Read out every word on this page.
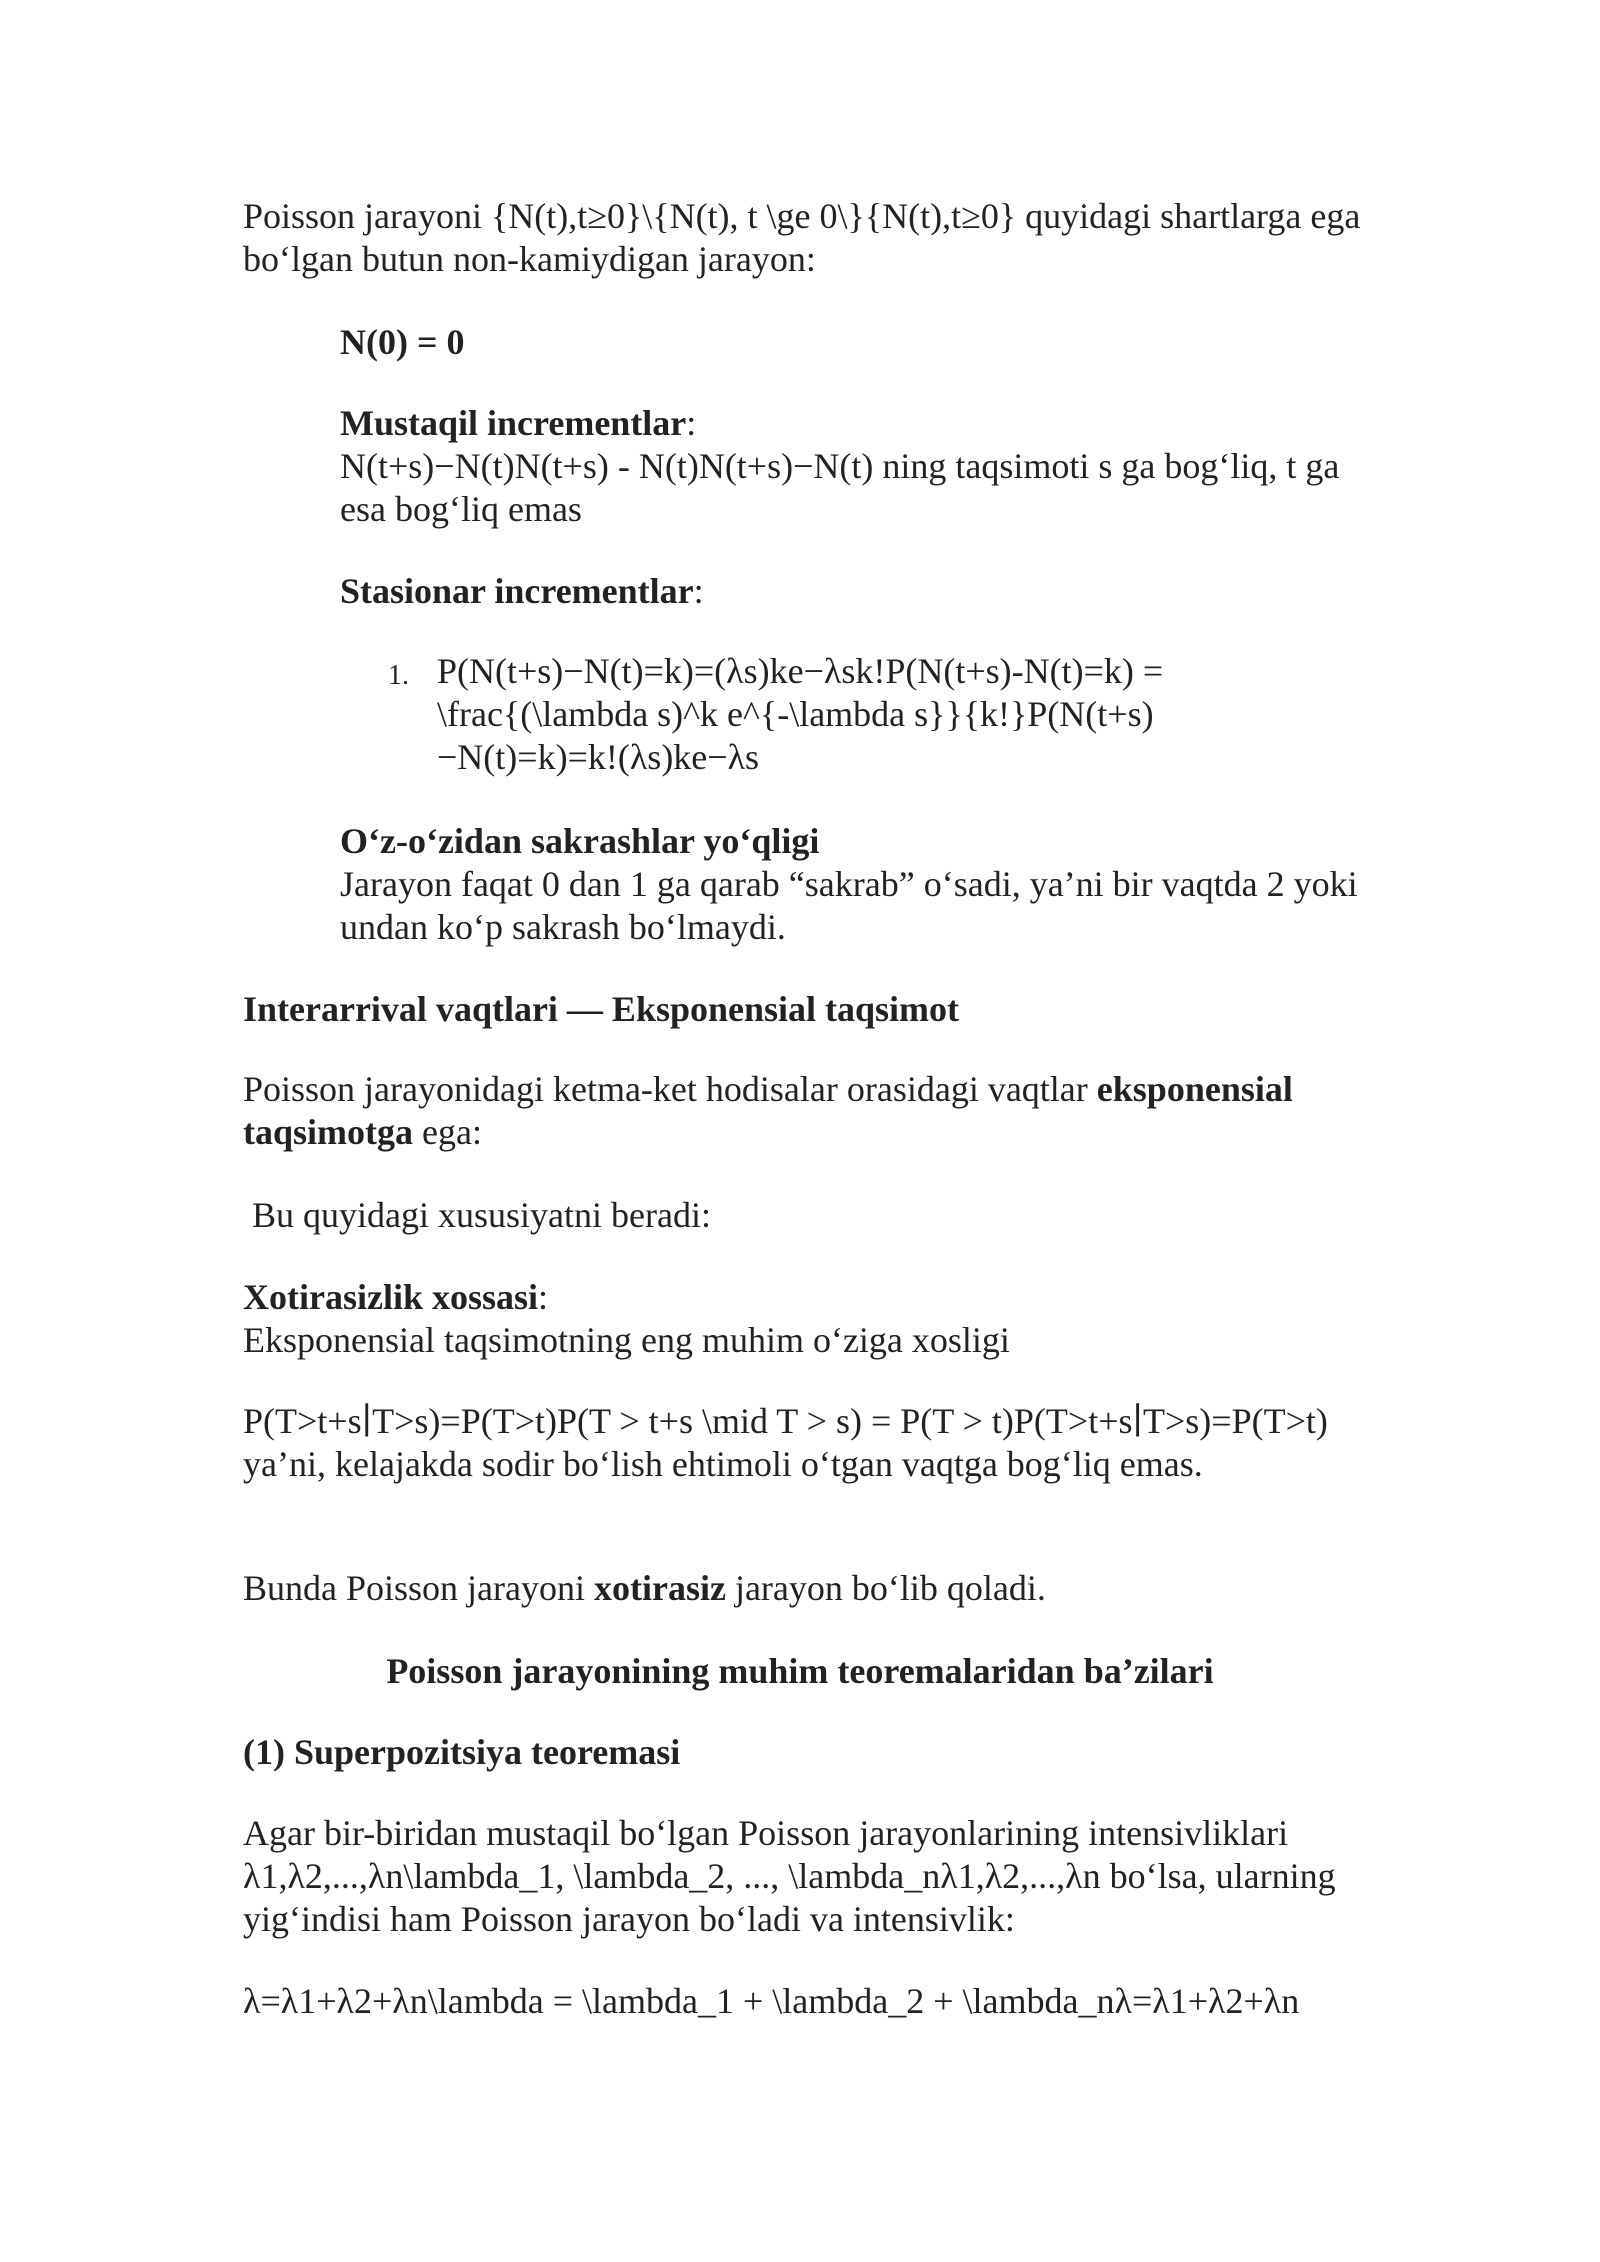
Poisson jarayoni {N(t),t≥0}\{N(t), t \ge 0\}{N(t),t≥0} quyidagi shartlarga ega bo‘lgan butun non-kamiydigan jarayon:

N(0) = 0

Mustaqil incrementlar:

N(t+s)−N(t)N(t+s) - N(t)N(t+s)−N(t) ning taqsimoti s ga bog‘liq, t ga esa bog‘liq emas

Stasionar incrementlar:

1. P(N(t+s)−N(t)=k)=(λs)ke−λsk!P(N(t+s)-N(t)=k) = \frac{(\lambda s)^k e^{-\lambda s}}{k!}P(N(t+s)−N(t)=k)=k!(λs)ke−λs

O‘z-o‘zidan sakrashlar yo‘qligi

Jarayon faqat 0 dan 1 ga qarab “sakrab” o‘sadi, ya’ni bir vaqtda 2 yoki undan ko‘p sakrash bo‘lmaydi.

Interarrival vaqtlari — Eksponensial taqsimot

Poisson jarayonidagi ketma-ket hodisalar orasidagi vaqtlar eksponensial taqsimotga ega:

Bu quyidagi xususiyatni beradi:

Xotirasizlik xossasi:

Eksponensial taqsimotning eng muhim o‘ziga xosligi

P(T>t+s∣T>s)=P(T>t)P(T > t+s \mid T > s) = P(T > t)P(T>t+s∣T>s)=P(T>t)  ya’ni, kelajakda sodir bo‘lish ehtimoli o‘tgan vaqtga bog‘liq emas.

Bunda Poisson jarayoni xotirasiz jarayon bo‘lib qoladi.

Poisson jarayonining muhim teoremalaridan ba’zilari

(1) Superpozitsiya teoremasi

Agar bir-biridan mustaqil bo‘lgan Poisson jarayonlarining intensivliklari λ1,λ2,...,λn\lambda_1, \lambda_2, ..., \lambda_nλ1,λ2,...,λn bo‘lsa, ularning yig‘indisi ham Poisson jarayon bo‘ladi va intensivlik:

λ=λ1+λ2+λn\lambda = \lambda_1 + \lambda_2 + \lambda_nλ=λ1+λ2+λn
